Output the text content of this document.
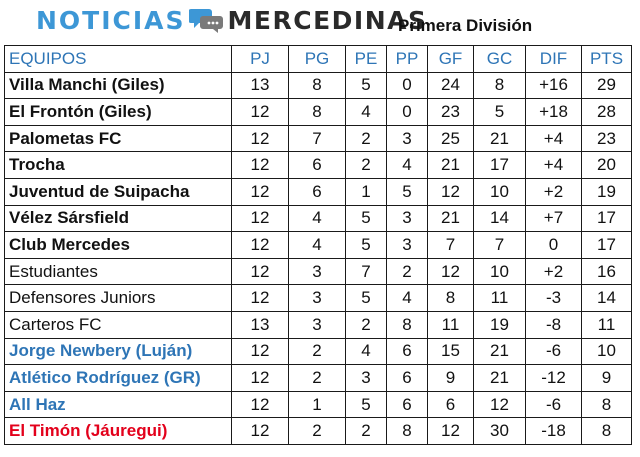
NOTICIAS MERCEDINAS
Primera División
EQUIPOS	PJ	PG	PE	PP	GF	GC	DIF	PTS
Villa Manchi (Giles)	13	8	5	0	24	8	+16	29
El Frontón (Giles)	12	8	4	0	23	5	+18	28
Palometas FC	12	7	2	3	25	21	+4	23
Trocha	12	6	2	4	21	17	+4	20
Juventud de Suipacha	12	6	1	5	12	10	+2	19
Vélez Sársfield	12	4	5	3	21	14	+7	17
Club Mercedes	12	4	5	3	7	7	0	17
Estudiantes	12	3	7	2	12	10	+2	16
Defensores Juniors	12	3	5	4	8	11	-3	14
Carteros FC	13	3	2	8	11	19	-8	11
Jorge Newbery (Luján)	12	2	4	6	15	21	-6	10
Atlético Rodríguez (GR)	12	2	3	6	9	21	-12	9
All Haz	12	1	5	6	6	12	-6	8
El Timón (Jáuregui)	12	2	2	8	12	30	-18	8
